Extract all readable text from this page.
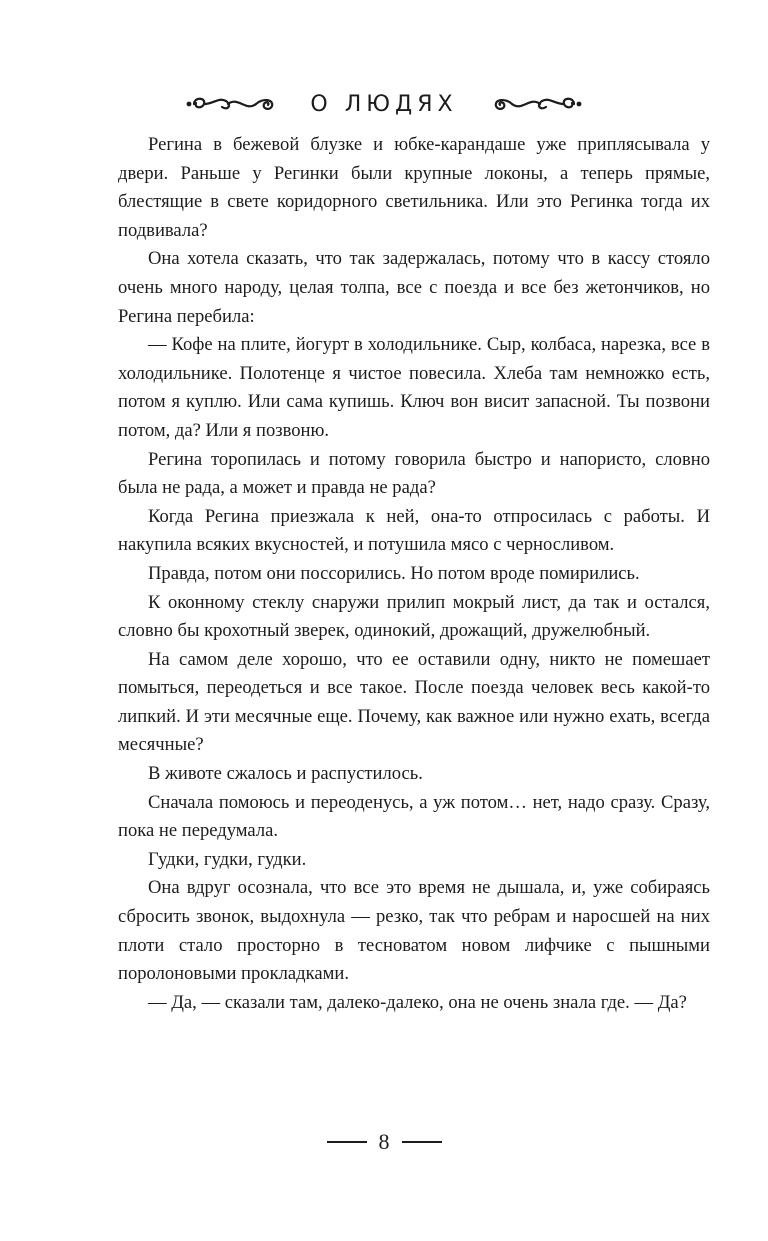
О ЛЮДЯХ

Регина в бежевой блузке и юбке-карандаше уже приплясывала у двери. Раньше у Регинки были крупные локоны, а теперь прямые, блестящие в свете коридорного светильника. Или это Регинка тогда их подвивала?

Она хотела сказать, что так задержалась, потому что в кассу стояло очень много народу, целая толпа, все с поезда и все без жетончиков, но Регина перебила:

— Кофе на плите, йогурт в холодильнике. Сыр, колбаса, нарезка, все в холодильнике. Полотенце я чистое повесила. Хлеба там немножко есть, потом я куплю. Или сама купишь. Ключ вон висит запасной. Ты позвони потом, да? Или я позвоню.

Регина торопилась и потому говорила быстро и напористо, словно была не рада, а может и правда не рада?

Когда Регина приезжала к ней, она-то отпросилась с работы. И накупила всяких вкусностей, и потушила мясо с черносливом.

Правда, потом они поссорились. Но потом вроде помирились.

К оконному стеклу снаружи прилип мокрый лист, да так и остался, словно бы крохотный зверек, одинокий, дрожащий, дружелюбный.

На самом деле хорошо, что ее оставили одну, никто не помешает помыться, переодеться и все такое. После поезда человек весь какой-то липкий. И эти месячные еще. Почему, как важное или нужно ехать, всегда месячные?

В животе сжалось и распустилось.

Сначала помоюсь и переоденусь, а уж потом… нет, надо сразу. Сразу, пока не передумала.

Гудки, гудки, гудки.

Она вдруг осознала, что все это время не дышала, и, уже собираясь сбросить звонок, выдохнула — резко, так что ребрам и наросшей на них плоти стало просторно в тесноватом новом лифчике с пышными поролоновыми прокладками.

— Да, — сказали там, далеко-далеко, она не очень знала где. — Да?

8
